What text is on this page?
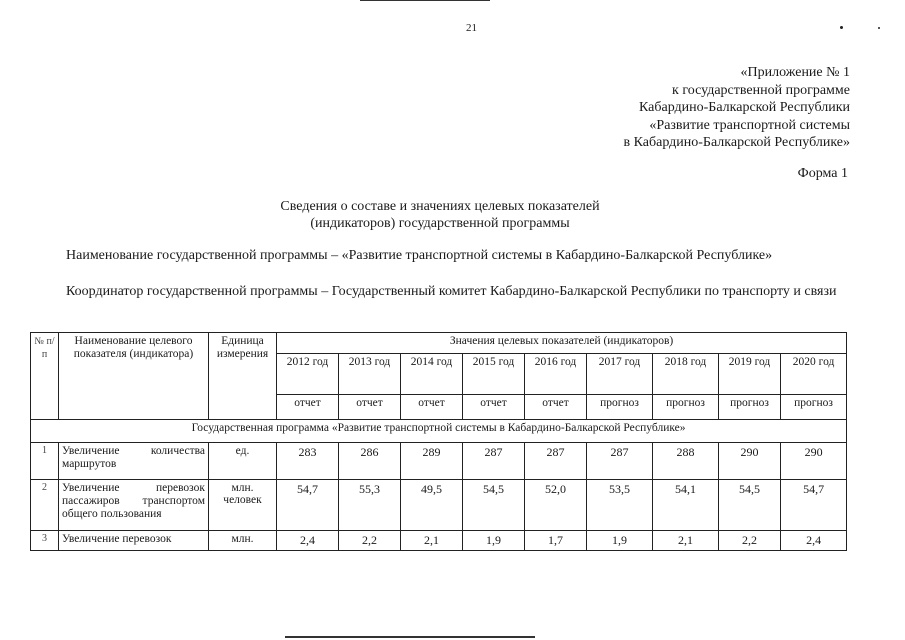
21
«Приложение № 1
к государственной программе
Кабардино-Балкарской Республики
«Развитие транспортной системы
в Кабардино-Балкарской Республике»
Форма 1
Сведения о составе и значениях целевых показателей
(индикаторов) государственной программы
Наименование государственной программы – «Развитие транспортной системы в Кабардино-Балкарской Республике»
Координатор государственной программы – Государственный комитет Кабардино-Балкарской Республики по транспорту и связи
№ п/п	Наименование целевого показателя (индикатора)	Единица измерения	Значения целевых показателей (индикаторов)								
			2012 год	2013 год	2014 год	2015 год	2016 год	2017 год	2018 год	2019 год	2020 год
			отчет	отчет	отчет	отчет	отчет	прогноз	прогноз	прогноз	прогноз
Государственная программа «Развитие транспортной системы в Кабардино-Балкарской Республике»											
1	Увеличение количества маршрутов	ед.	283	286	289	287	287	287	288	290	290
2	Увеличение перевозок пассажиров транспортом общего пользования	млн. человек	54,7	55,3	49,5	54,5	52,0	53,5	54,1	54,5	54,7
3	Увеличение перевозок	млн.	2,4	2,2	2,1	1,9	1,7	1,9	2,1	2,2	2,4
